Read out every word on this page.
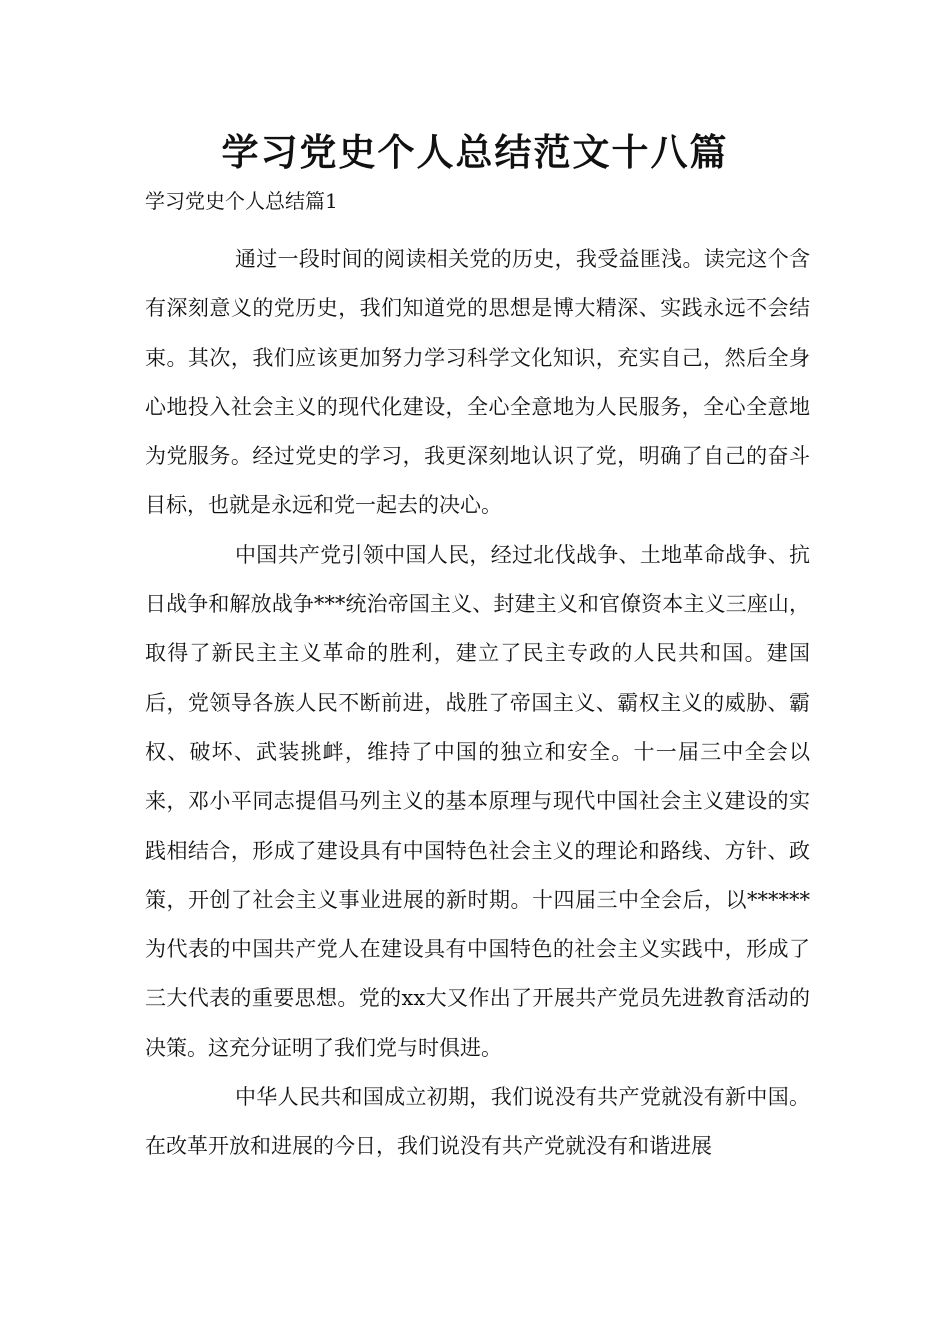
学习党史个人总结范文十八篇
学习党史个人总结篇1

通过一段时间的阅读相关党的历史，我受益匪浅。读完这个含有深刻意义的党历史，我们知道党的思想是博大精深、实践永远不会结束。其次，我们应该更加努力学习科学文化知识，充实自己，然后全身心地投入社会主义的现代化建设，全心全意地为人民服务，全心全意地为党服务。经过党史的学习，我更深刻地认识了党，明确了自己的奋斗目标，也就是永远和党一起去的决心。

中国共产党引领中国人民，经过北伐战争、土地革命战争、抗日战争和解放战争***统治帝国主义、封建主义和官僚资本主义三座山，取得了新民主主义革命的胜利，建立了民主专政的人民共和国。建国后，党领导各族人民不断前进，战胜了帝国主义、霸权主义的威胁、霸权、破坏、武装挑衅，维持了中国的独立和安全。十一届三中全会以来，邓小平同志提倡马列主义的基本原理与现代中国社会主义建设的实践相结合，形成了建设具有中国特色社会主义的理论和路线、方针、政策，开创了社会主义事业进展的新时期。十四届三中全会后，以******为代表的中国共产党人在建设具有中国特色的社会主义实践中，形成了三大代表的重要思想。党的xx大又作出了开展共产党员先进教育活动的决策。这充分证明了我们党与时俱进。

中华人民共和国成立初期，我们说没有共产党就没有新中国。在改革开放和进展的今日，我们说没有共产党就没有和谐进展
